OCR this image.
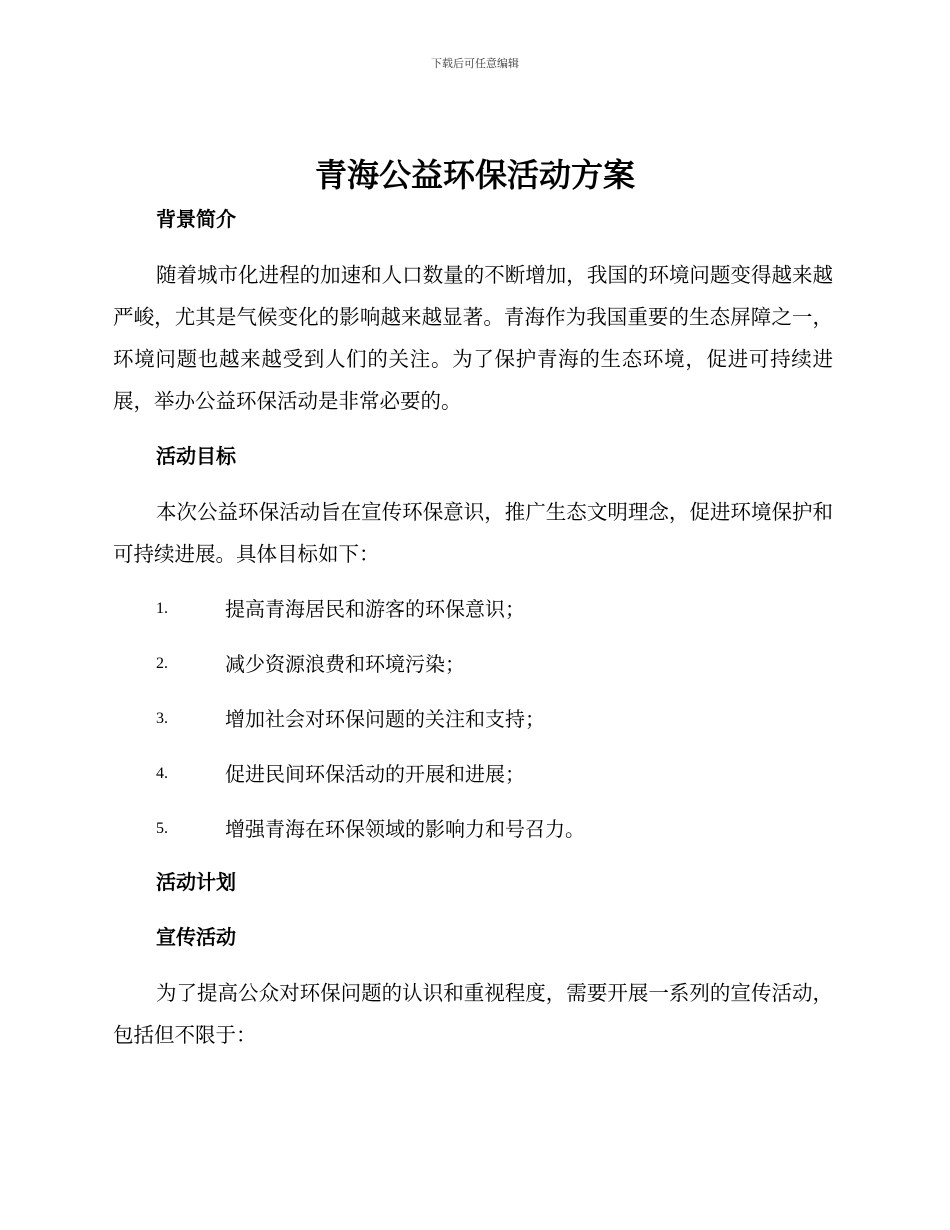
下载后可任意编辑
青海公益环保活动方案
背景简介
随着城市化进程的加速和人口数量的不断增加，我国的环境问题变得越来越严峻，尤其是气候变化的影响越来越显著。青海作为我国重要的生态屏障之一，环境问题也越来越受到人们的关注。为了保护青海的生态环境，促进可持续进展，举办公益环保活动是非常必要的。
活动目标
本次公益环保活动旨在宣传环保意识，推广生态文明理念，促进环境保护和可持续进展。具体目标如下：
1.	提高青海居民和游客的环保意识；
2.	减少资源浪费和环境污染；
3.	增加社会对环保问题的关注和支持；
4.	促进民间环保活动的开展和进展；
5.	增强青海在环保领域的影响力和号召力。
活动计划
宣传活动
为了提高公众对环保问题的认识和重视程度，需要开展一系列的宣传活动，包括但不限于：
